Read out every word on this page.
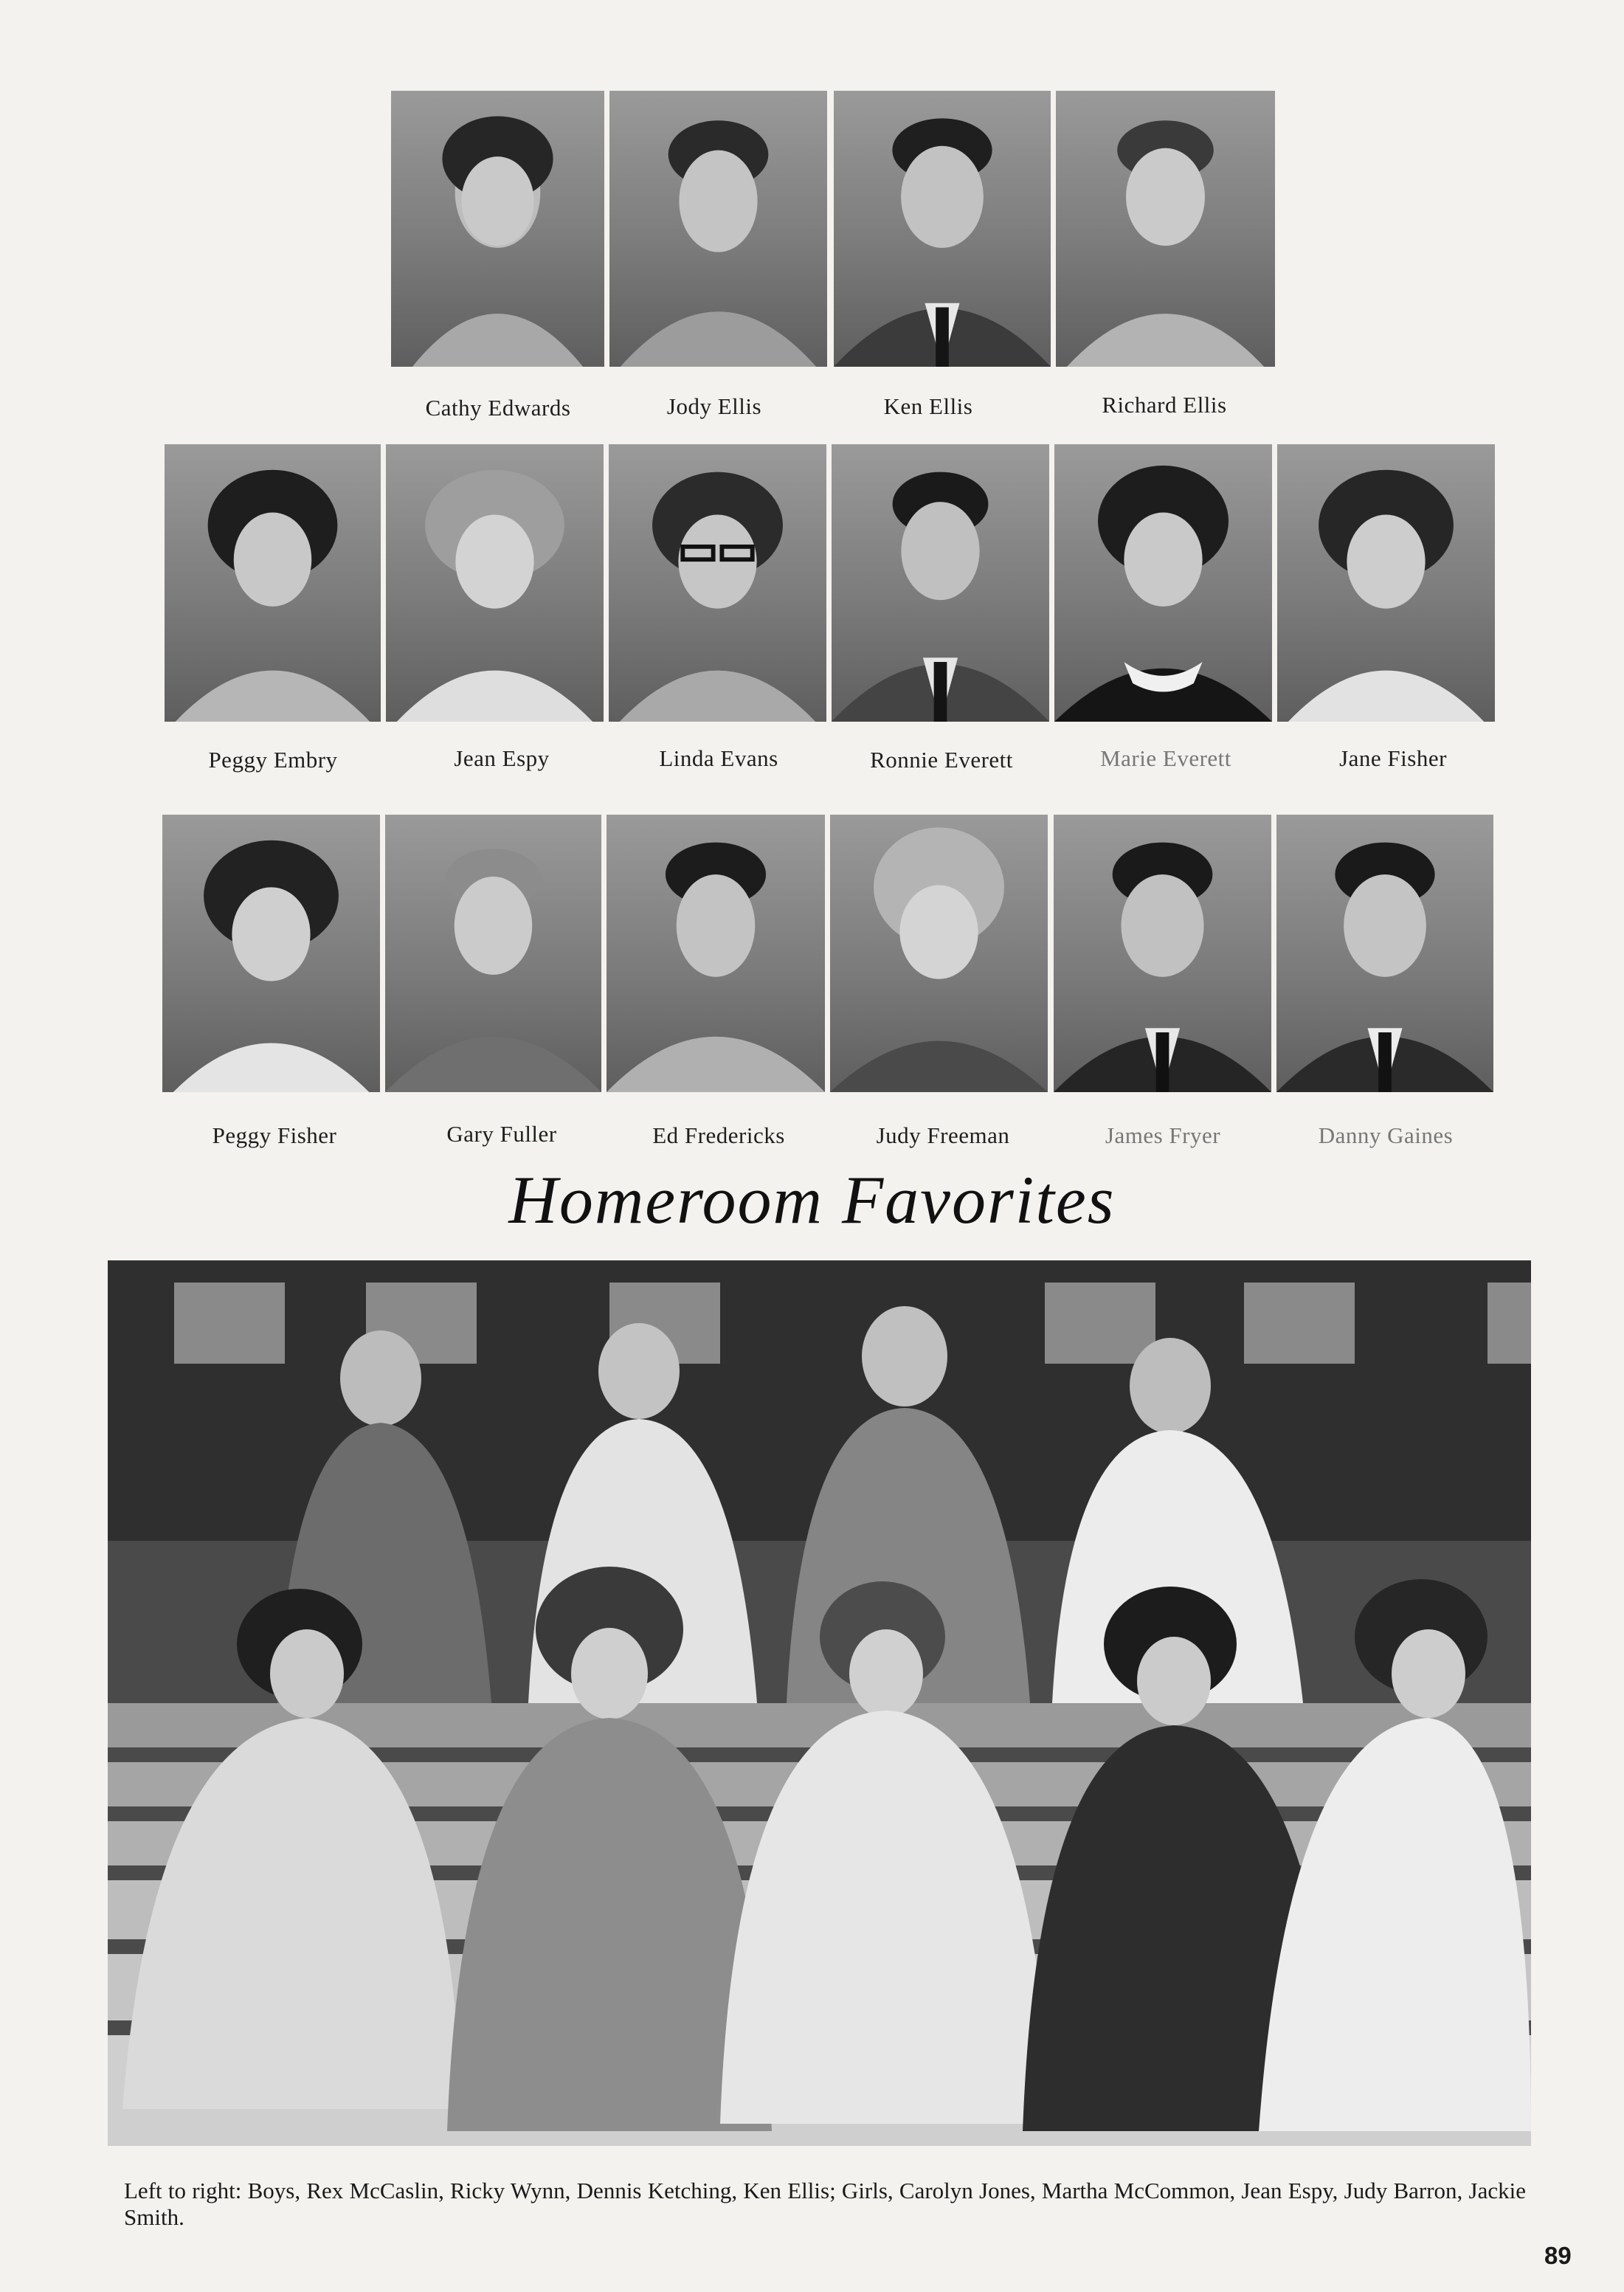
Cathy Edwards	Jody Ellis	Ken Ellis	Richard Ellis
Peggy Embry	Jean Espy	Linda Evans	Ronnie Everett	Marie Everett	Jane Fisher
Peggy Fisher	Gary Fuller	Ed Fredericks	Judy Freeman	James Fryer	Danny Gaines
Homeroom Favorites
Left to right: Boys, Rex McCaslin, Ricky Wynn, Dennis Ketching, Ken Ellis; Girls, Carolyn Jones, Martha McCommon, Jean Espy, Judy Barron, Jackie Smith.
89
